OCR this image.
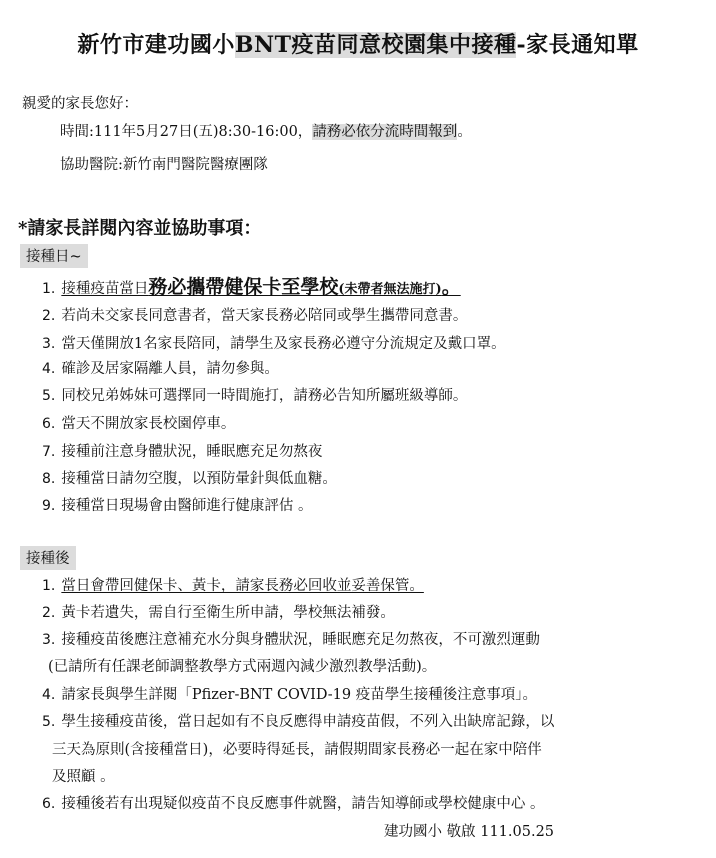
新竹市建功國小BNT疫苗同意校園集中接種-家長通知單
親愛的家長您好：
時間:111年5月27日(五)8:30-16:00，請務必依分流時間報到。
協助醫院:新竹南門醫院醫療團隊
*請家長詳閱內容並協助事項：
接種日~
1. 接種疫苗當日務必攜帶健保卡至學校(未帶者無法施打)。
2. 若尚未交家長同意書者，當天家長務必陪同或學生攜帶同意書。
3. 當天僅開放1名家長陪同，請學生及家長務必遵守分流規定及戴口罩。
4. 確診及居家隔離人員，請勿參與。
5. 同校兄弟姊妹可選擇同一時間施打，請務必告知所屬班級導師。
6. 當天不開放家長校園停車。
7. 接種前注意身體狀況，睡眠應充足勿熬夜
8. 接種當日請勿空腹，以預防暈針與低血糖。
9. 接種當日現場會由醫師進行健康評估 。
接種後
1. 當日會帶回健保卡、黃卡，請家長務必回收並妥善保管。
2. 黃卡若遺失，需自行至衛生所申請，學校無法補發。
3. 接種疫苗後應注意補充水分與身體狀況，睡眠應充足勿熬夜，不可激烈運動
4. 請家長與學生詳閱「Pfizer-BNT COVID-19 疫苗學生接種後注意事項」。
5. 學生接種疫苗後，當日起如有不良反應得申請疫苗假，不列入出缺席記錄，以
6. 接種後若有出現疑似疫苗不良反應事件就醫，請告知導師或學校健康中心 。
(已請所有任課老師調整教學方式兩週內減少激烈教學活動)。
三天為原則(含接種當日)，必要時得延長，請假期間家長務必一起在家中陪伴
及照顧 。
建功國小 敬啟 111.05.25
